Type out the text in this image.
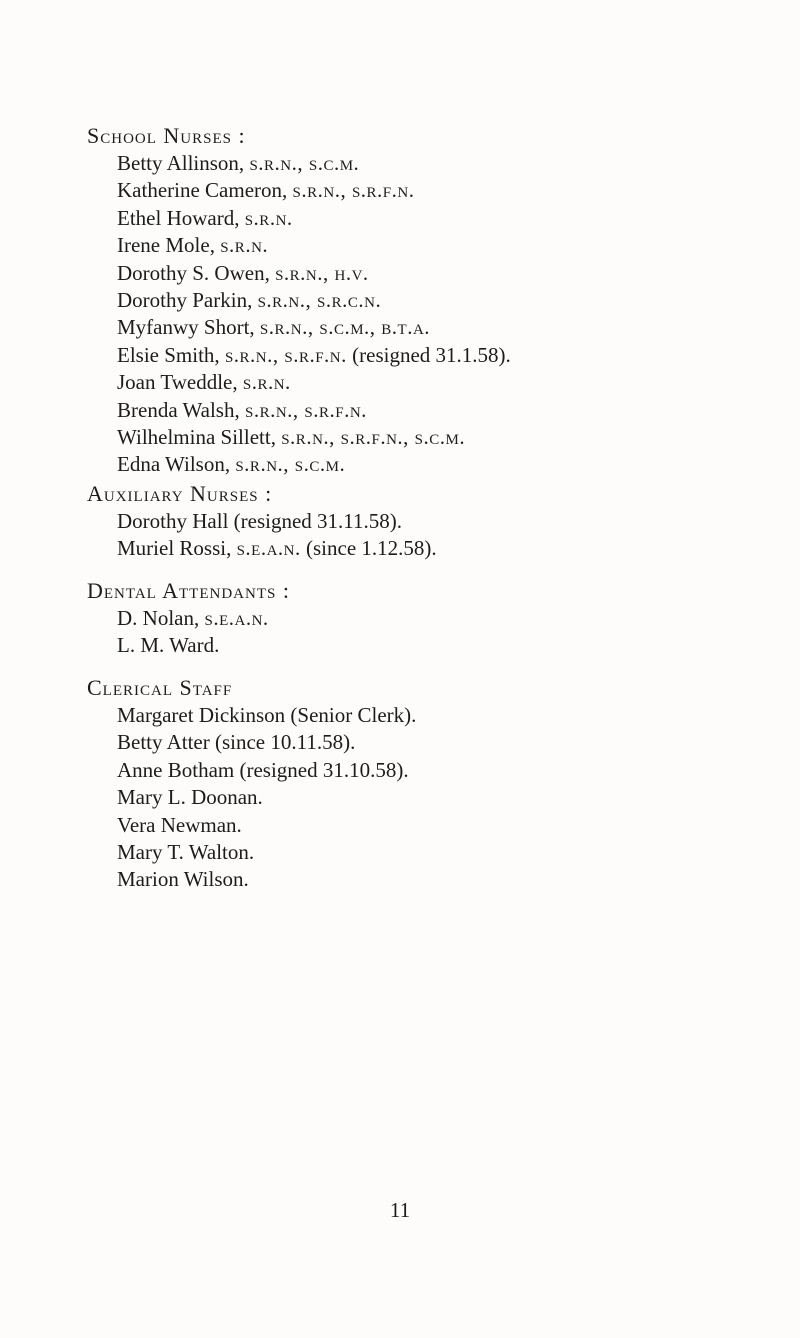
School Nurses :
Betty Allinson, s.r.n., s.c.m.
Katherine Cameron, s.r.n., s.r.f.n.
Ethel Howard, s.r.n.
Irene Mole, s.r.n.
Dorothy S. Owen, s.r.n., h.v.
Dorothy Parkin, s.r.n., s.r.c.n.
Myfanwy Short, s.r.n., s.c.m., b.t.a.
Elsie Smith, s.r.n., s.r.f.n. (resigned 31.1.58).
Joan Tweddle, s.r.n.
Brenda Walsh, s.r.n., s.r.f.n.
Wilhelmina Sillett, s.r.n., s.r.f.n., s.c.m.
Edna Wilson, s.r.n., s.c.m.
Auxiliary Nurses :
Dorothy Hall (resigned 31.11.58).
Muriel Rossi, s.e.a.n. (since 1.12.58).
Dental Attendants :
D. Nolan, s.e.a.n.
L. M. Ward.
Clerical Staff
Margaret Dickinson (Senior Clerk).
Betty Atter (since 10.11.58).
Anne Botham (resigned 31.10.58).
Mary L. Doonan.
Vera Newman.
Mary T. Walton.
Marion Wilson.
11
